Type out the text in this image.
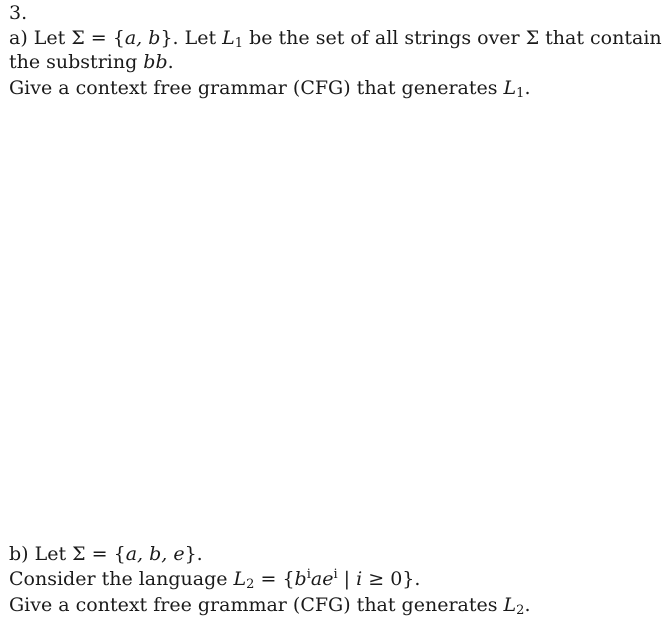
3.
a) Let Σ = {a, b}. Let $L_1$ be the set of all strings over Σ that contain
the substring bb.
Give a context free grammar (CFG) that generates $L_1$.
b) Let Σ = {a, b, e}.
Consider the language $L_2 = \{b^iae^i$ | i ≥ 0}.
Give a context free grammar (CFG) that generates $L_2$.
